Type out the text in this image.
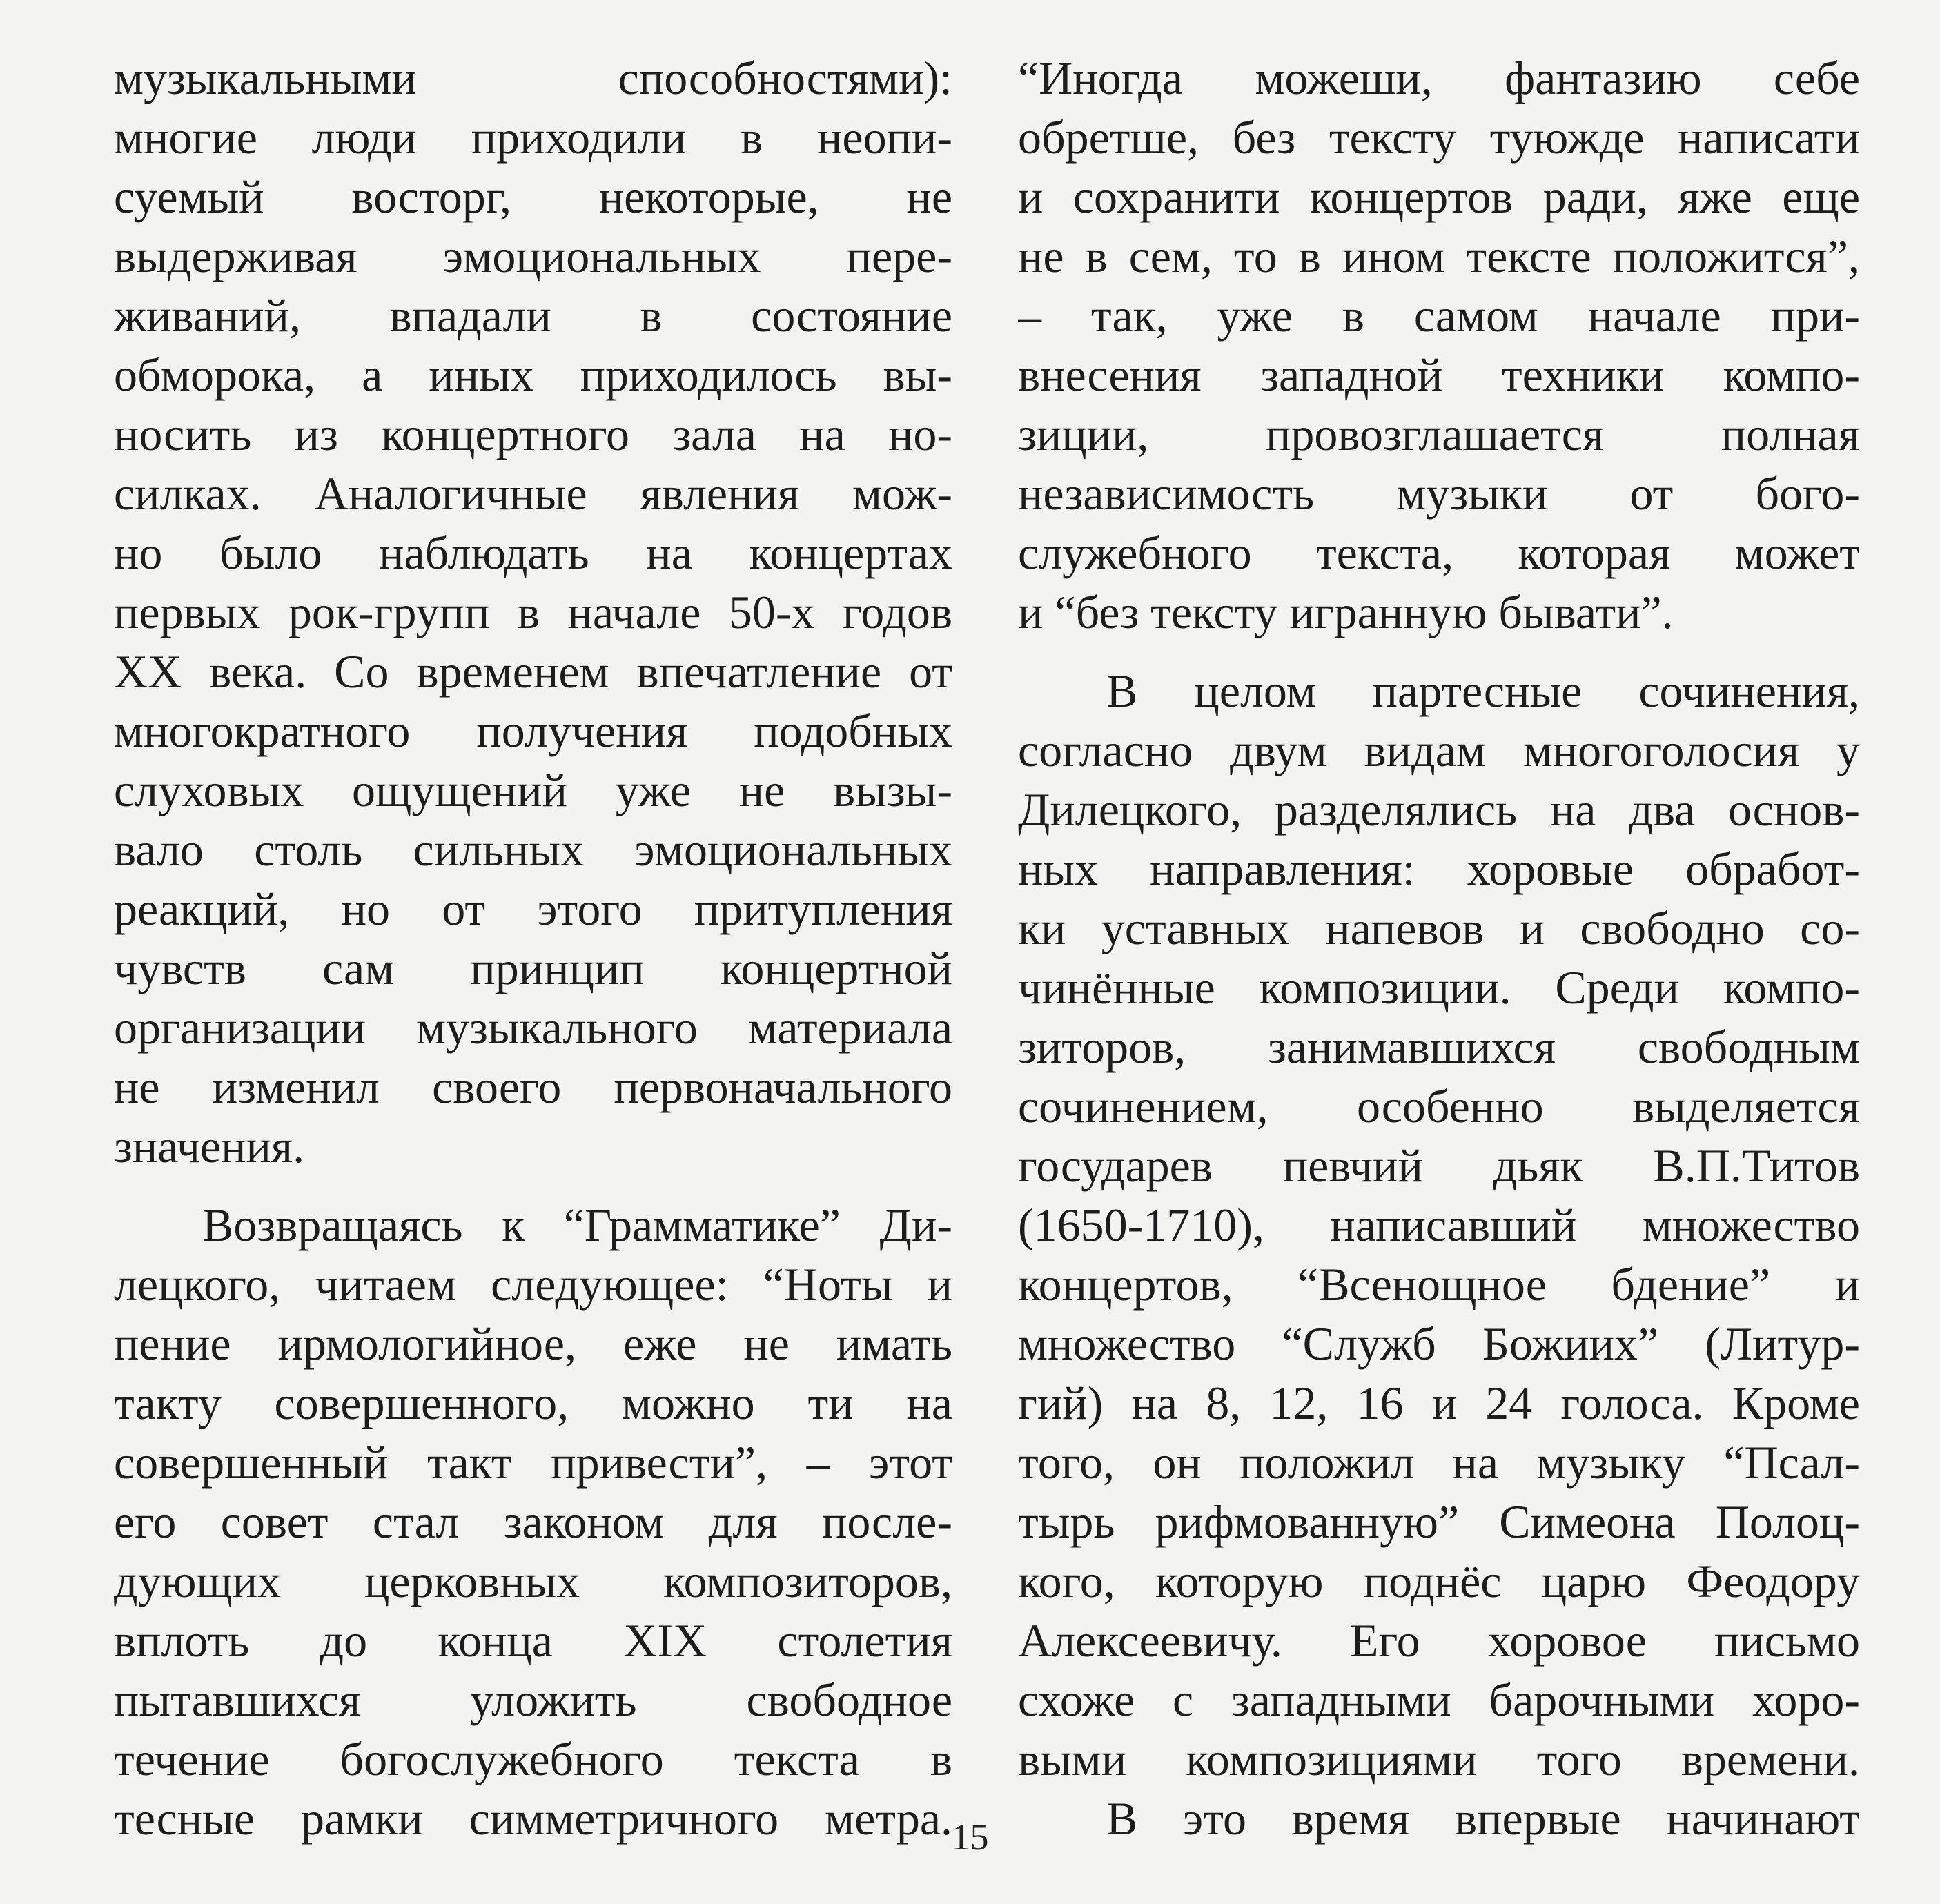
музыкальными способностями):
многие люди приходили в неопи-
суемый восторг, некоторые, не
выдерживая эмоциональных пере-
живаний, впадали в состояние
обморока, а иных приходилось вы-
носить из концертного зала на но-
силках. Аналогичные явления мож-
но было наблюдать на концертах
первых рок-групп в начале 50-х годов
XX века. Со временем впечатление от
многократного получения подобных
слуховых ощущений уже не вызы-
вало столь сильных эмоциональных
реакций, но от этого притупления
чувств сам принцип концертной
организации музыкального материала
не изменил своего первоначального
значения.
Возвращаясь к “Грамматике” Ди-
лецкого, читаем следующее: “Ноты и
пение ирмологийное, еже не имать
такту совершенного, можно ти на
совершенный такт привести”, – этот
его совет стал законом для после-
дующих церковных композиторов,
вплоть до конца XIX столетия
пытавшихся уложить свободное
течение богослужебного текста в
тесные рамки симметричного метра.
“Иногда можеши, фантазию себе
обретше, без тексту туюжде написати
и сохранити концертов ради, яже еще
не в сем, то в ином тексте положится”,
– так, уже в самом начале при-
внесения западной техники компо-
зиции, провозглашается полная
независимость музыки от бого-
служебного текста, которая может
и “без тексту игранную бывати”.
В целом партесные сочинения,
согласно двум видам многоголосия у
Дилецкого, разделялись на два основ-
ных направления: хоровые обработ-
ки уставных напевов и свободно со-
чинённые композиции. Среди компо-
зиторов, занимавшихся свободным
сочинением, особенно выделяется
государев певчий дьяк В.П.Титов
(1650-1710), написавший множество
концертов, “Всенощное бдение” и
множество “Служб Божиих” (Литур-
гий) на 8, 12, 16 и 24 голоса. Кроме
того, он положил на музыку “Псал-
тырь рифмованную” Симеона Полоц-
кого, которую поднёс царю Феодору
Алексеевичу. Его хоровое письмо
схоже с западными барочными хоро-
выми композициями того времени.
В это время впервые начинают
15
